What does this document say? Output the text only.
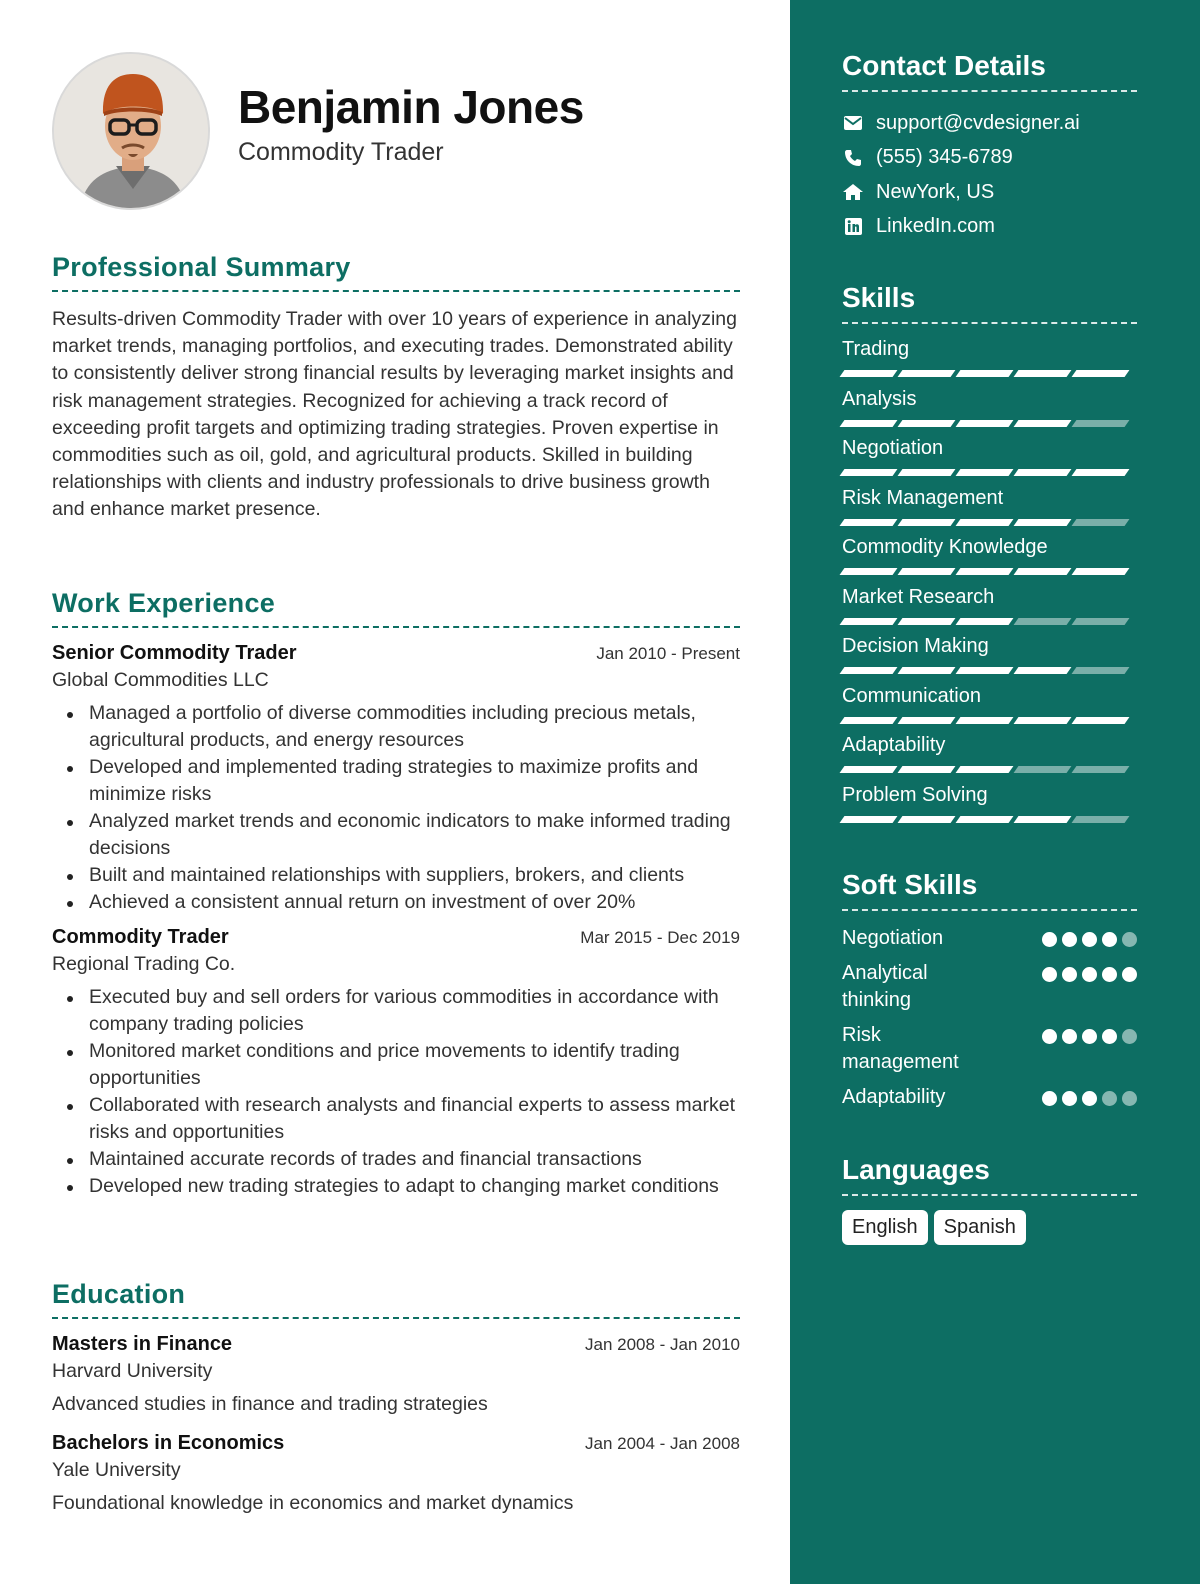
Benjamin Jones
Commodity Trader
Professional Summary
Results-driven Commodity Trader with over 10 years of experience in analyzing market trends, managing portfolios, and executing trades. Demonstrated ability to consistently deliver strong financial results by leveraging market insights and risk management strategies. Recognized for achieving a track record of exceeding profit targets and optimizing trading strategies. Proven expertise in commodities such as oil, gold, and agricultural products. Skilled in building relationships with clients and industry professionals to drive business growth and enhance market presence.
Work Experience
Senior Commodity Trader	Jan 2010 - Present
Global Commodities LLC
Managed a portfolio of diverse commodities including precious metals, agricultural products, and energy resources
Developed and implemented trading strategies to maximize profits and minimize risks
Analyzed market trends and economic indicators to make informed trading decisions
Built and maintained relationships with suppliers, brokers, and clients
Achieved a consistent annual return on investment of over 20%
Commodity Trader	Mar 2015 - Dec 2019
Regional Trading Co.
Executed buy and sell orders for various commodities in accordance with company trading policies
Monitored market conditions and price movements to identify trading opportunities
Collaborated with research analysts and financial experts to assess market risks and opportunities
Maintained accurate records of trades and financial transactions
Developed new trading strategies to adapt to changing market conditions
Education
Masters in Finance	Jan 2008 - Jan 2010
Harvard University
Advanced studies in finance and trading strategies
Bachelors in Economics	Jan 2004 - Jan 2008
Yale University
Foundational knowledge in economics and market dynamics
Contact Details
support@cvdesigner.ai
(555) 345-6789
NewYork, US
LinkedIn.com
Skills
Trading
Analysis
Negotiation
Risk Management
Commodity Knowledge
Market Research
Decision Making
Communication
Adaptability
Problem Solving
Soft Skills
Negotiation
Analytical thinking
Risk management
Adaptability
Languages
English	Spanish
